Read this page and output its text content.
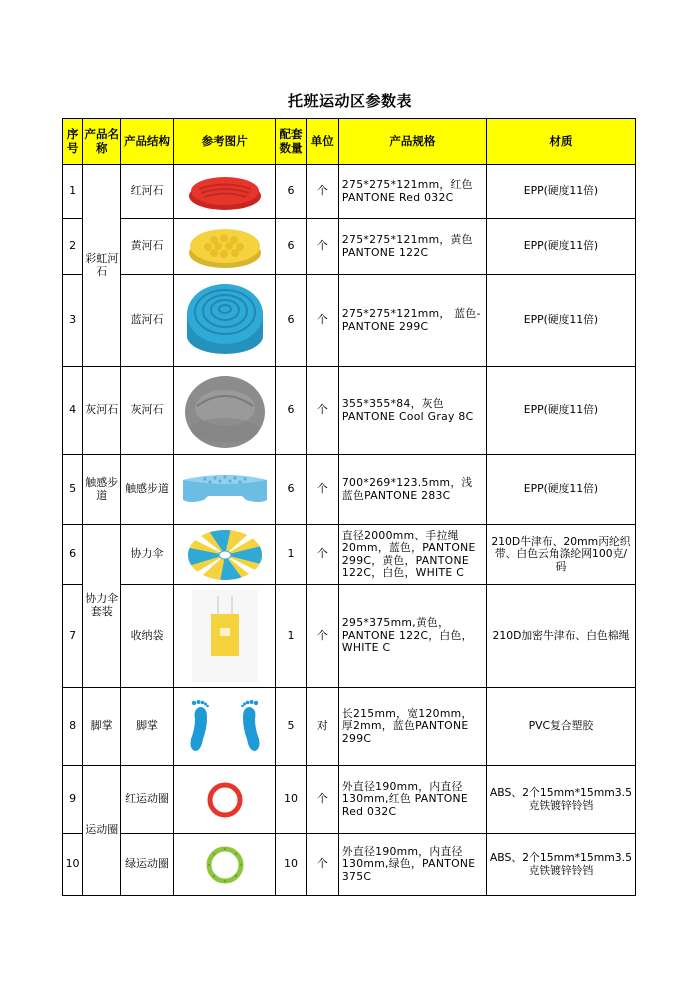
托班运动区参数表
序号	产品名称	产品结构	参考图片	配套数量	单位	产品规格	材质
1	彩虹河石	红河石		6	个	275*275*121mm，红色PANTONE Red 032C	EPP(硬度11倍)
2		黄河石		6	个	275*275*121mm，黄色PANTONE 122C	EPP(硬度11倍)
3		蓝河石		6	个	275*275*121mm， 蓝色-PANTONE 299C	EPP(硬度11倍)
4	灰河石	灰河石		6	个	355*355*84，灰色PANTONE Cool Gray 8C	EPP(硬度11倍)
5	触感步道	触感步道		6	个	700*269*123.5mm，浅蓝色PANTONE 283C	EPP(硬度11倍)
6	协力伞套装	协力伞		1	个	直径2000mm、手拉绳20mm，蓝色，PANTONE 299C，黄色，PANTONE 122C，白色，WHITE C	210D牛津布、20mm丙纶织带、白色云角涤纶网100克/码
7		收纳袋		1	个	295*375mm,黄色，PANTONE 122C，白色，WHITE C	210D加密牛津布、白色棉绳
8	脚掌	脚掌		5	对	长215mm，宽120mm，厚2mm，蓝色PANTONE 299C	PVC复合塑胶
9	运动圈	红运动圈		10	个	外直径190mm，内直径130mm,红色 PANTONE Red 032C	ABS、2个15mm*15mm3.5克铁镀锌铃铛
10		绿运动圈		10	个	外直径190mm，内直径130mm,绿色，PANTONE 375C	ABS、2个15mm*15mm3.5克铁镀锌铃铛
